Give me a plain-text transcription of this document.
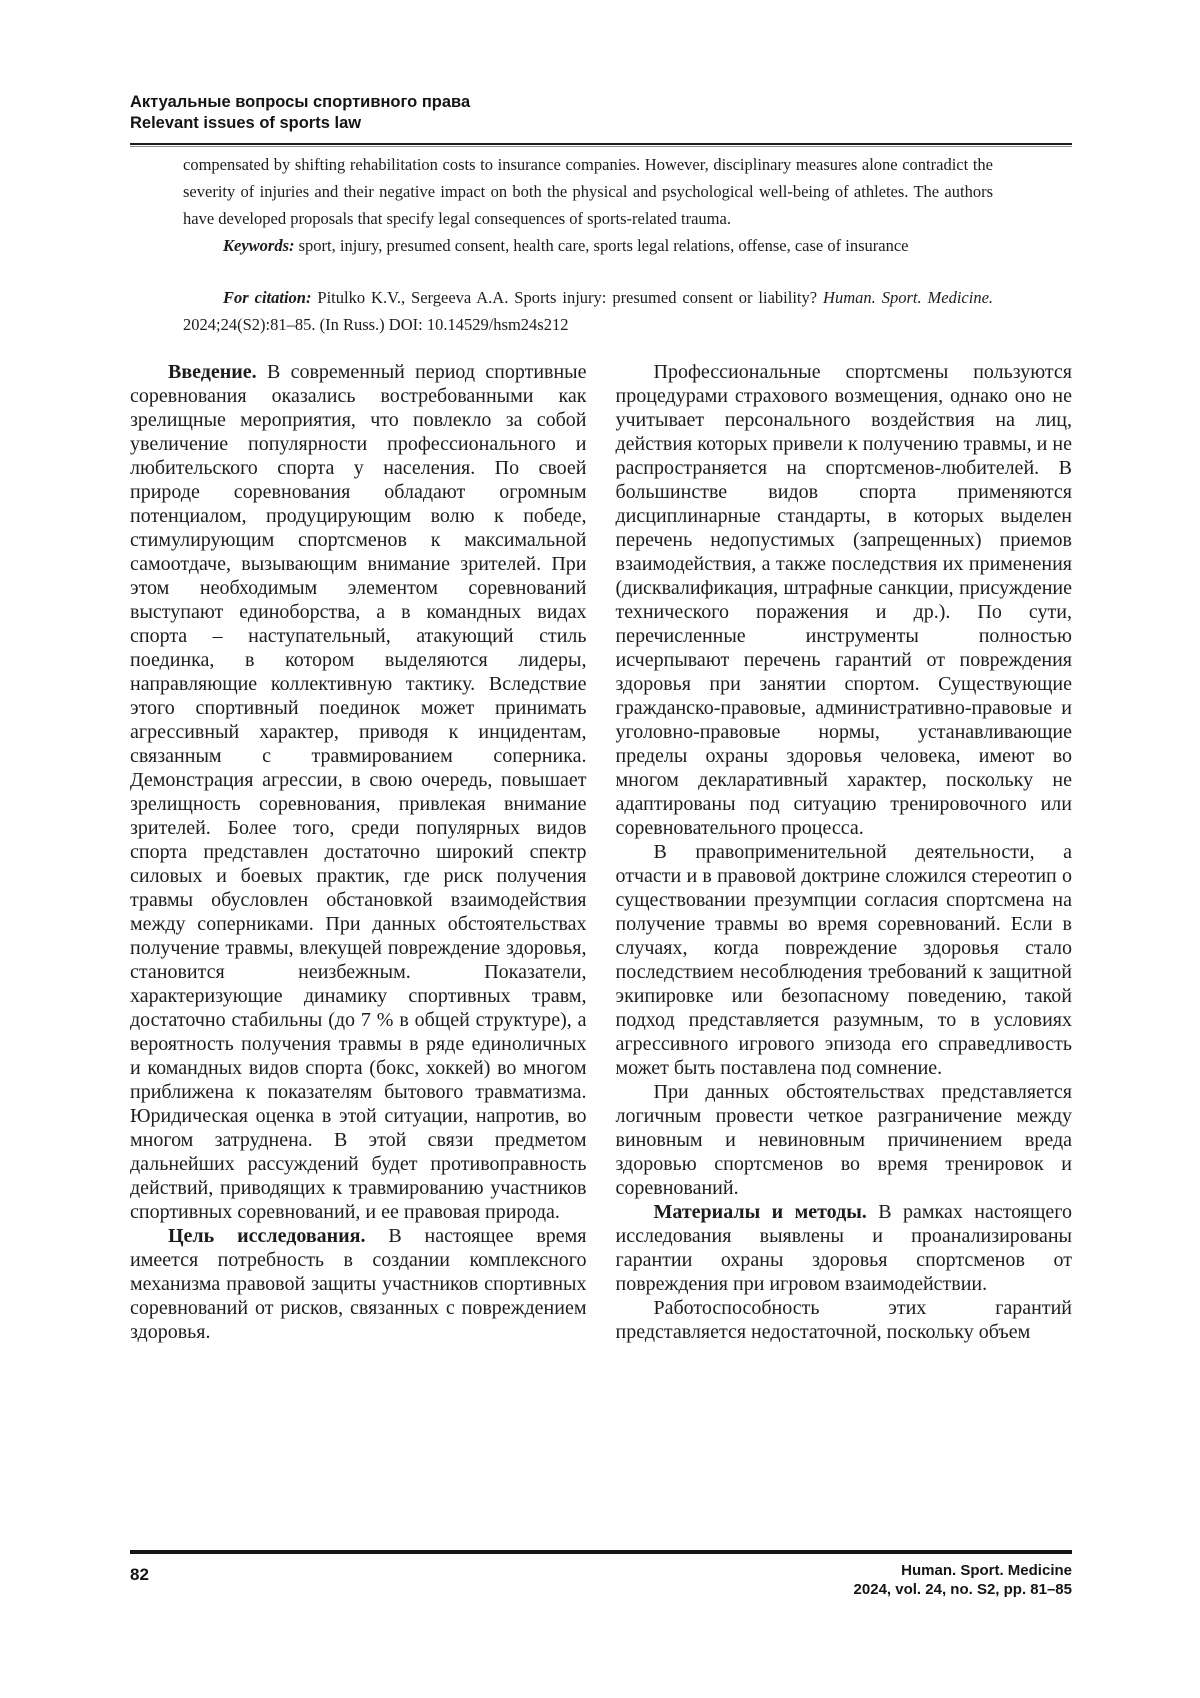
Актуальные вопросы спортивного права
Relevant issues of sports law
compensated by shifting rehabilitation costs to insurance companies. However, disciplinary measures alone contradict the severity of injuries and their negative impact on both the physical and psychological well-being of athletes. The authors have developed proposals that specify legal consequences of sports-related trauma.
Keywords: sport, injury, presumed consent, health care, sports legal relations, offense, case of insurance
For citation: Pitulko K.V., Sergeeva A.A. Sports injury: presumed consent or liability? Human. Sport. Medicine. 2024;24(S2):81–85. (In Russ.) DOI: 10.14529/hsm24s212

Введение. В современный период спортивные соревнования оказались востребованными как зрелищные мероприятия, что повлекло за собой увеличение популярности профессионального и любительского спорта у населения. По своей природе соревнования обладают огромным потенциалом, продуцирующим волю к победе, стимулирующим спортсменов к максимальной самоотдаче, вызывающим внимание зрителей. При этом необходимым элементом соревнований выступают единоборства, а в командных видах спорта – наступательный, атакующий стиль поединка, в котором выделяются лидеры, направляющие коллективную тактику. Вследствие этого спортивный поединок может принимать агрессивный характер, приводя к инцидентам, связанным с травмированием соперника. Демонстрация агрессии, в свою очередь, повышает зрелищность соревнования, привлекая внимание зрителей. Более того, среди популярных видов спорта представлен достаточно широкий спектр силовых и боевых практик, где риск получения травмы обусловлен обстановкой взаимодействия между соперниками. При данных обстоятельствах получение травмы, влекущей повреждение здоровья, становится неизбежным. Показатели, характеризующие динамику спортивных травм, достаточно стабильны (до 7 % в общей структуре), а вероятность получения травмы в ряде единоличных и командных видов спорта (бокс, хоккей) во многом приближена к показателям бытового травматизма. Юридическая оценка в этой ситуации, напротив, во многом затруднена. В этой связи предметом дальнейших рассуждений будет противоправность действий, приводящих к травмированию участников спортивных соревнований, и ее правовая природа.

Цель исследования. В настоящее время имеется потребность в создании комплексного механизма правовой защиты участников спортивных соревнований от рисков, связанных с повреждением здоровья.

Профессиональные спортсмены пользуются процедурами страхового возмещения, однако оно не учитывает персонального воздействия на лиц, действия которых привели к получению травмы, и не распространяется на спортсменов-любителей. В большинстве видов спорта применяются дисциплинарные стандарты, в которых выделен перечень недопустимых (запрещенных) приемов взаимодействия, а также последствия их применения (дисквалификация, штрафные санкции, присуждение технического поражения и др.). По сути, перечисленные инструменты полностью исчерпывают перечень гарантий от повреждения здоровья при занятии спортом. Существующие гражданско-правовые, административно-правовые и уголовно-правовые нормы, устанавливающие пределы охраны здоровья человека, имеют во многом декларативный характер, поскольку не адаптированы под ситуацию тренировочного или соревновательного процесса.

В правоприменительной деятельности, а отчасти и в правовой доктрине сложился стереотип о существовании презумпции согласия спортсмена на получение травмы во время соревнований. Если в случаях, когда повреждение здоровья стало последствием несоблюдения требований к защитной экипировке или безопасному поведению, такой подход представляется разумным, то в условиях агрессивного игрового эпизода его справедливость может быть поставлена под сомнение.

При данных обстоятельствах представляется логичным провести четкое разграничение между виновным и невиновным причинением вреда здоровью спортсменов во время тренировок и соревнований.

Материалы и методы. В рамках настоящего исследования выявлены и проанализированы гарантии охраны здоровья спортсменов от повреждения при игровом взаимодействии.

Работоспособность этих гарантий представляется недостаточной, поскольку объем

82	Human. Sport. Medicine
2024, vol. 24, no. S2, pp. 81–85
